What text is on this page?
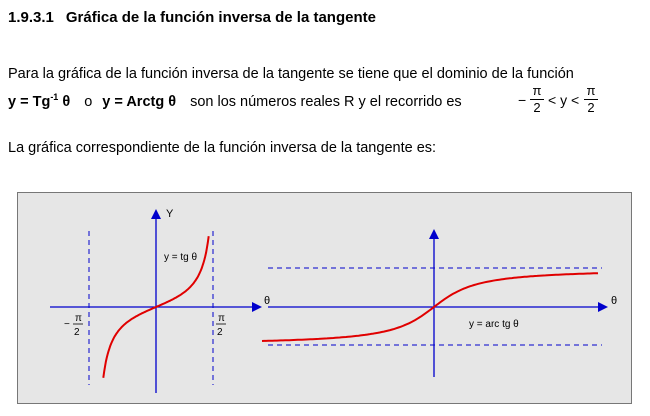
1.9.3.1 Gráfica de la función inversa de la tangente
Para la gráfica de la función inversa de la tangente se tiene que el dominio de la función
$y = Tg^{-1}$ θ o y = Arctg θ son los números reales R y el recorrido es	−
π
2 < y <
π
2
La gráfica correspondiente de la función inversa de la tangente es:
Y
θ
y = tg θ
−
π
2
π
2
θ
y = arc tg θ
